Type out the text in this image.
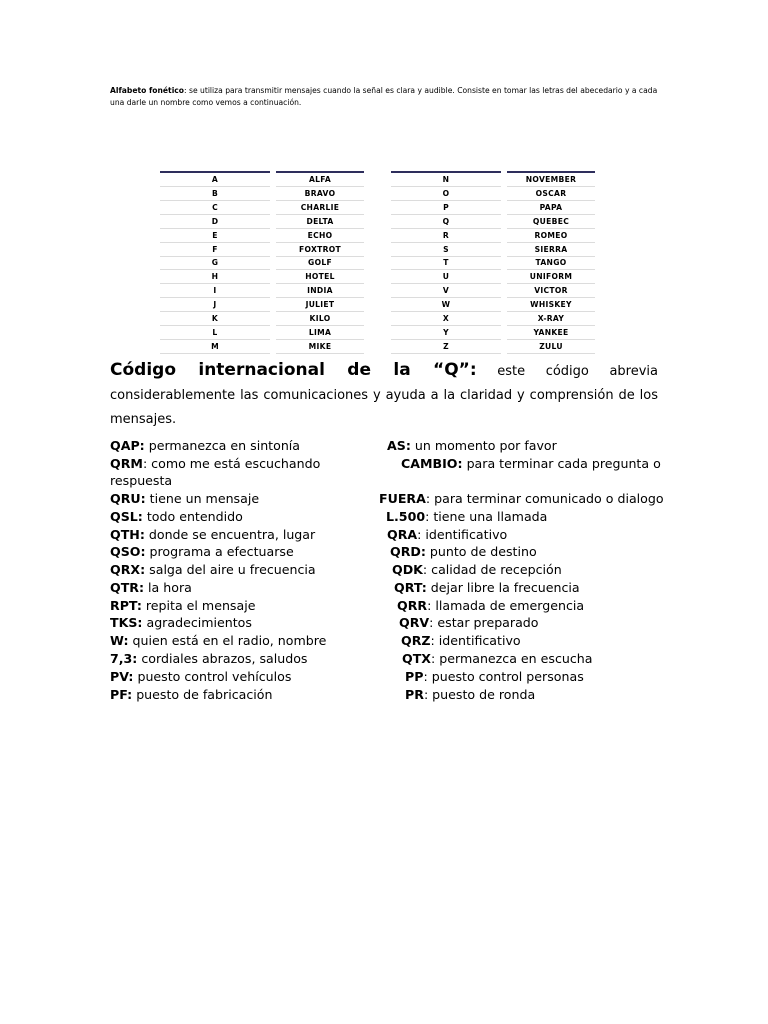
Alfabeto fonético: se utiliza para transmitir mensajes cuando la señal es clara y audible. Consiste en tomar las letras del abecedario y a cada una darle un nombre como vemos a continuación.
A		ALFA
B		BRAVO
C		CHARLIE
D		DELTA
E		ECHO
F		FOXTROT
G		GOLF
H		HOTEL
I		INDIA
J		JULIET
K		KILO
L		LIMA
M		MIKE
N		NOVEMBER
O		OSCAR
P		PAPA
Q		QUEBEC
R		ROMEO
S		SIERRA
T		TANGO
U		UNIFORM
V		VICTOR
W		WHISKEY
X		X-RAY
Y		YANKEE
Z		ZULU
Código internacional de la “Q”: este código abrevia considerablemente las comunicaciones y ayuda a la claridad y comprensión de los mensajes.
QAP: permanezca en sintonía
QRM: como me está escuchando
respuesta
QRU: tiene un mensaje
QSL: todo entendido
QTH: donde se encuentra, lugar
QSO: programa a efectuarse
QRX: salga del aire u frecuencia
QTR: la hora
RPT: repita el mensaje
TKS: agradecimientos
W: quien está en el radio, nombre
7,3: cordiales abrazos, saludos
PV: puesto control vehículos
PF: puesto de fabricación
AS: un momento por favor
CAMBIO: para terminar cada pregunta o
FUERA: para terminar comunicado o dialogo
L.500: tiene una llamada
QRA: identificativo
QRD: punto de destino
QDK: calidad de recepción
QRT: dejar libre la frecuencia
QRR: llamada de emergencia
QRV: estar preparado
QRZ: identificativo
QTX: permanezca en escucha
PP: puesto control personas
PR: puesto de ronda
